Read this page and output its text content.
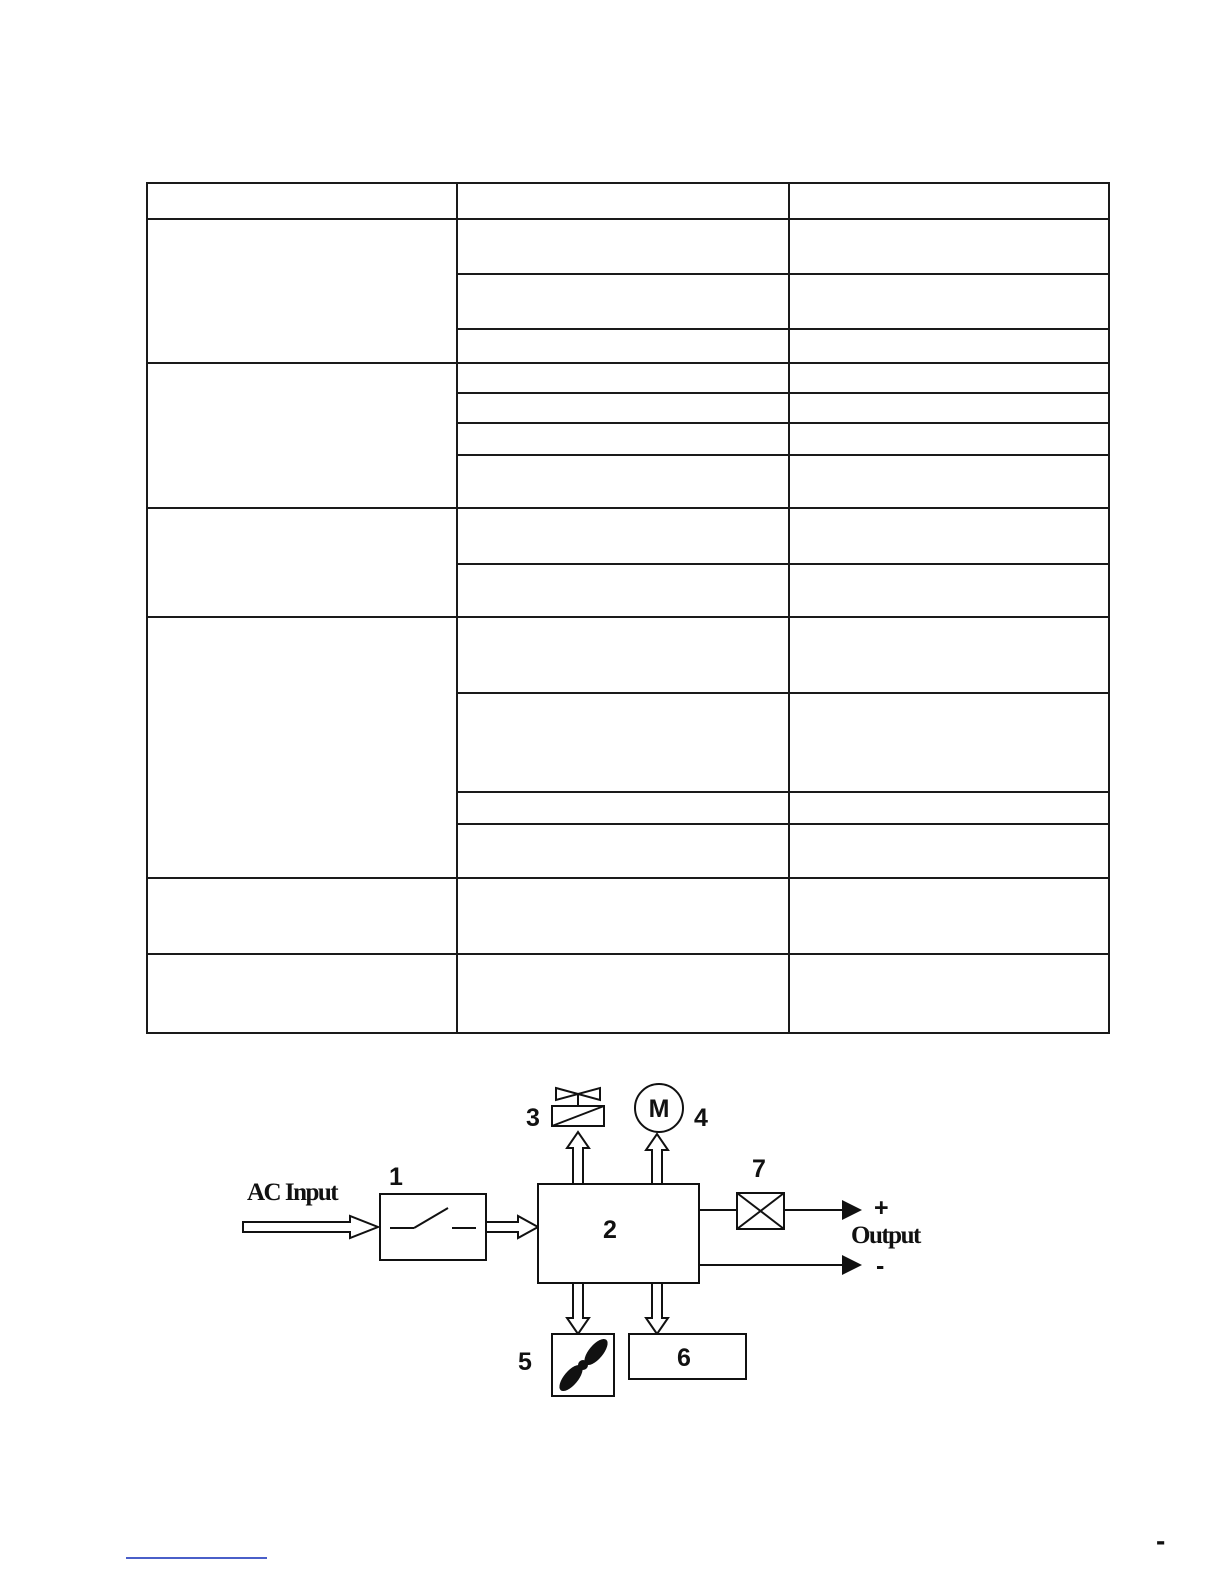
AC Input
1
2
3	M 4
5	6
7
+
Output
-
-
